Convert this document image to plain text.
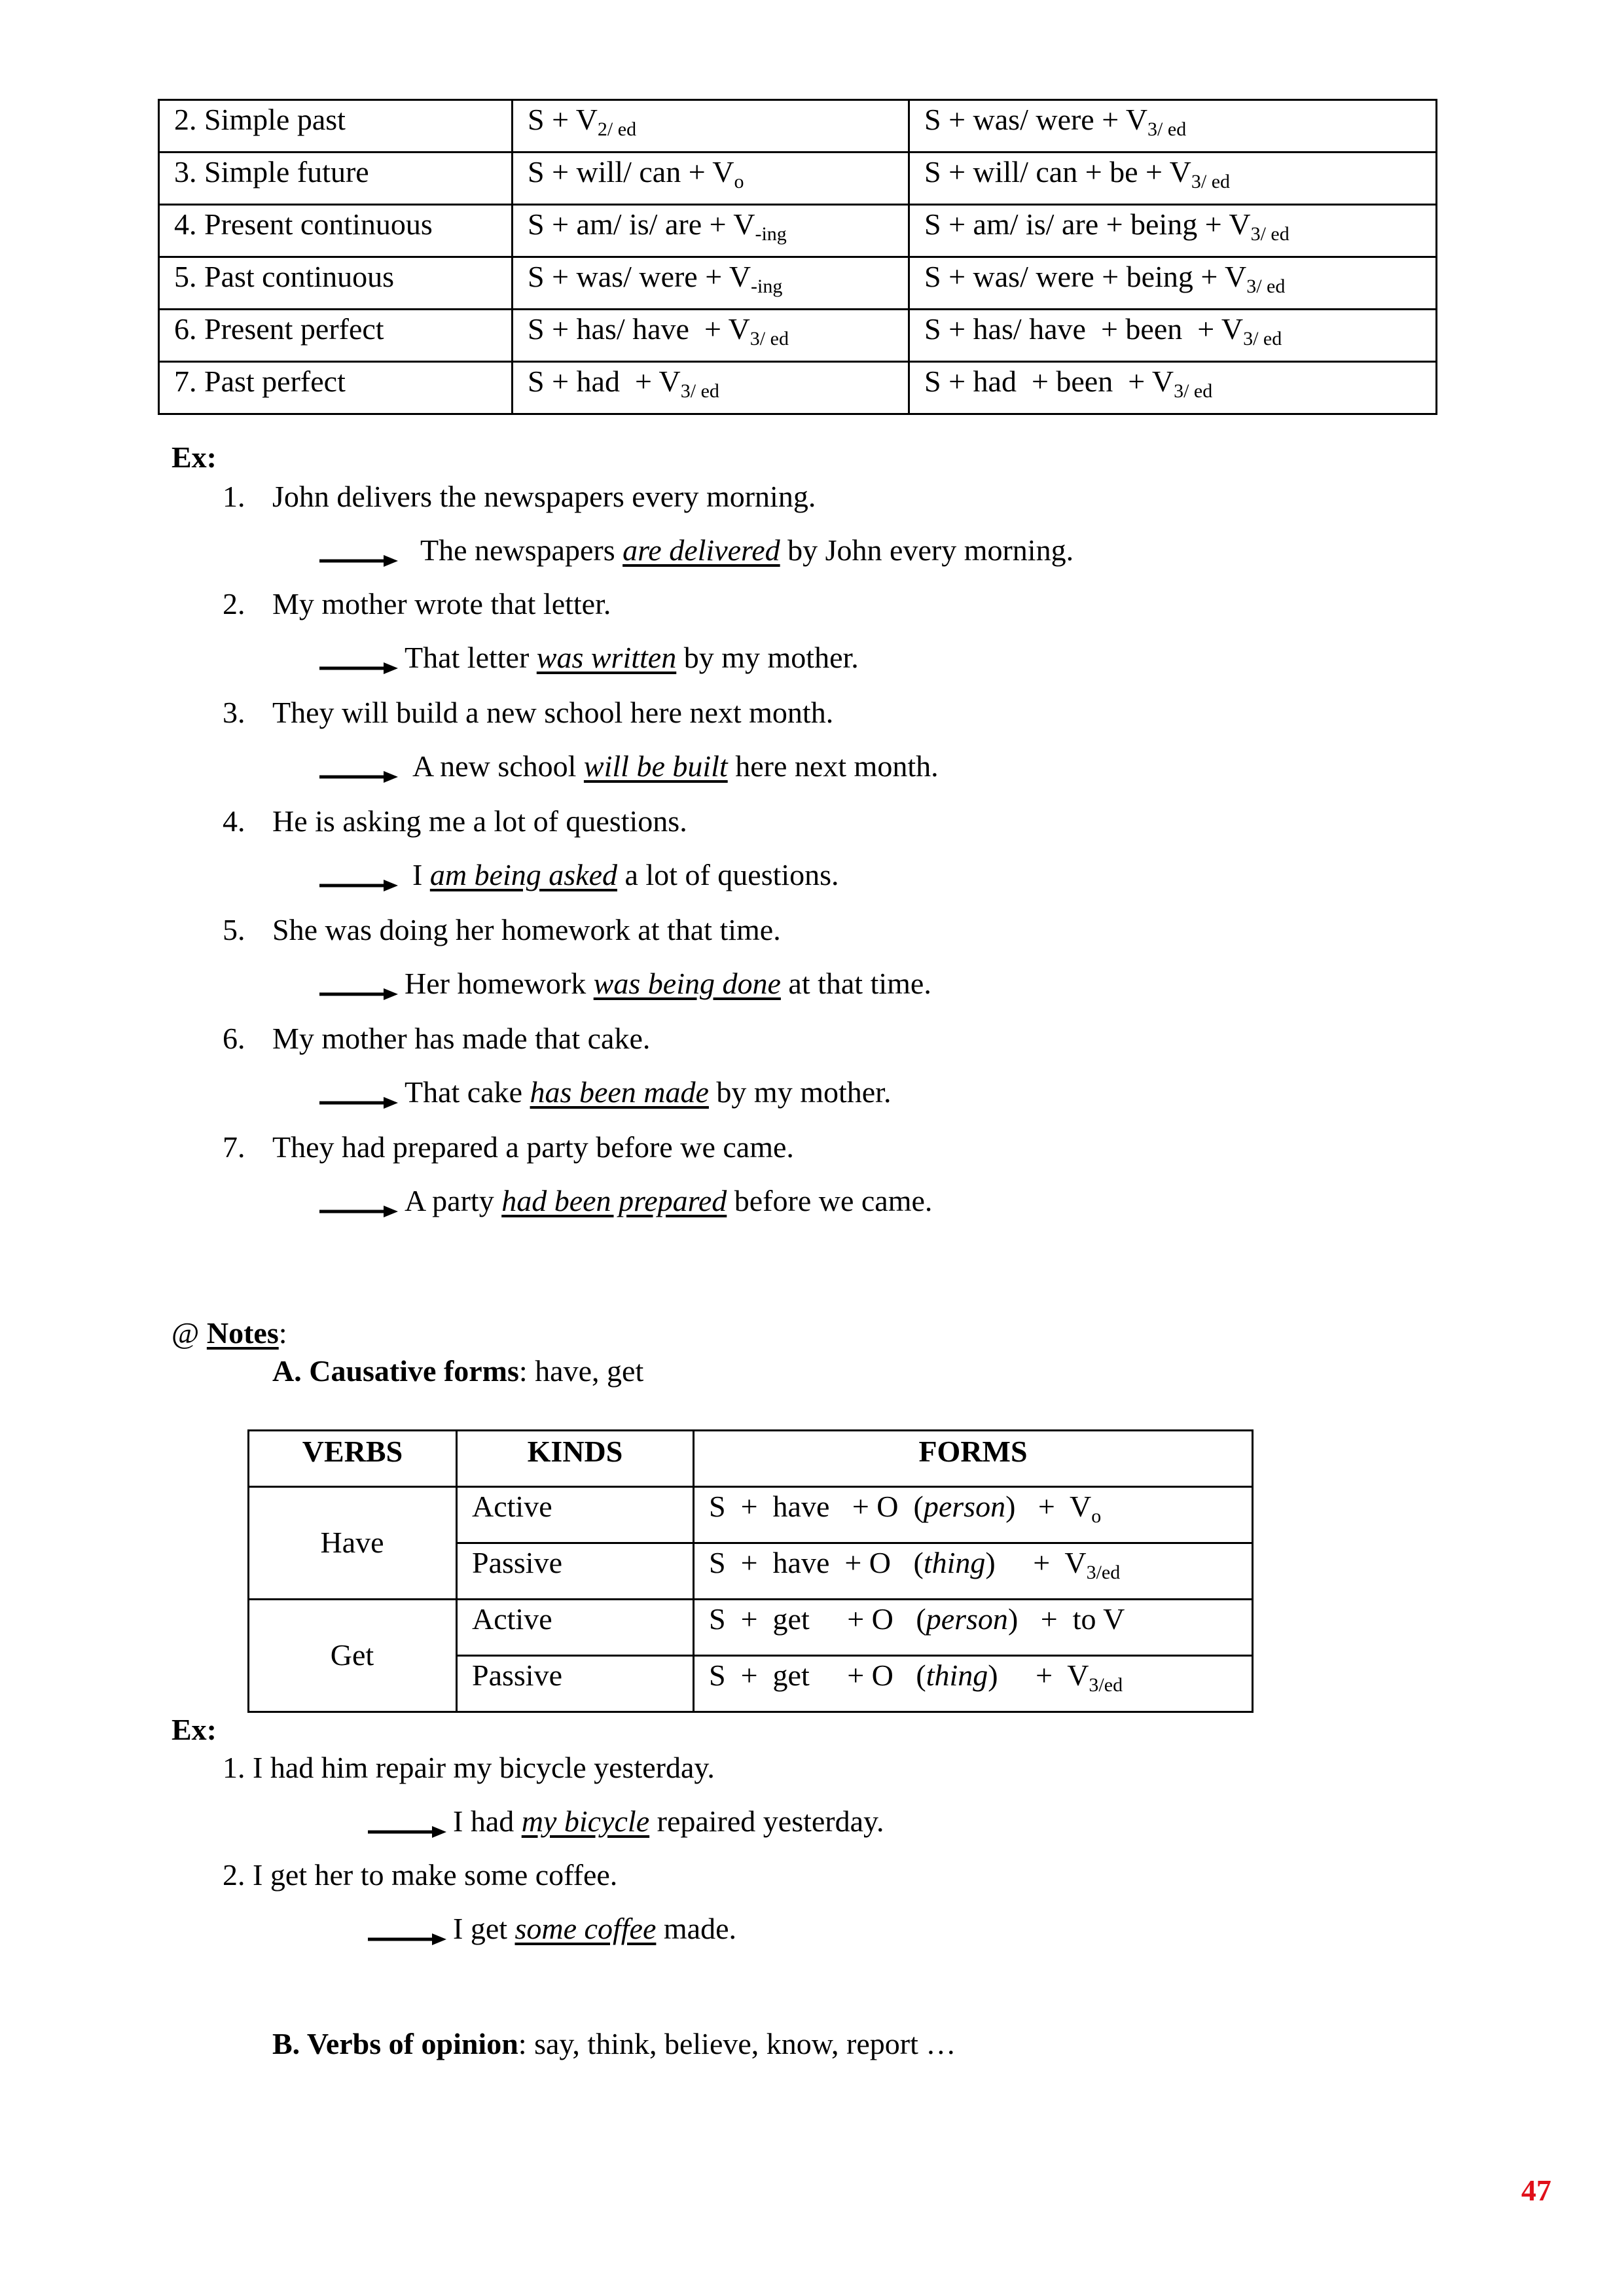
2. Simple past	$S + V_{2/ ed}$	S + was/ were + $V_{3/ ed}$
3. Simple future	S + will/ can + $V_o$	S + will/ can + be + $V_{3/ ed}$
4. Present continuous	S + am/ is/ are + $V_{-ing}$	S + am/ is/ are + being + $V_{3/ ed}$
5. Past continuous	S + was/ were + $V_{-ing}$	S + was/ were + being + $V_{3/ ed}$
6. Present perfect	S + has/ have  + $V_{3/ ed}$	S + has/ have  + been  + $V_{3/ ed}$
7. Past perfect	S + had  + $V_{3/ ed}$	S + had  + been  + $V_{3/ ed}$
Ex:
1. John delivers the newspapers every morning.
The newspapers are delivered by John every morning.
2. My mother wrote that letter.
That letter was written by my mother.
3. They will build a new school here next month.
A new school will be built here next month.
4. He is asking me a lot of questions.
I am being asked a lot of questions.
5. She was doing her homework at that time.
Her homework was being done at that time.
6. My mother has made that cake.
That cake has been made by my mother.
7. They had prepared a party before we came.
A party had been prepared before we came.
@ Notes:
A. Causative forms: have, get
VERBS	KINDS	FORMS
Have	Active	S  +  have   + O  (person)   +  $V_o$
	Passive	S  +  have  + O   (thing)     +  $V_{3/ed}$
Get	Active	S  +  get     + O   (person)   +  to V
	Passive	S  +  get     + O   (thing)     +  $V_{3/ed}$
Ex:
1. I had him repair my bicycle yesterday.
I had my bicycle repaired yesterday.
2. I get her to make some coffee.
I get some coffee made.
B. Verbs of opinion: say, think, believe, know, report …
47
